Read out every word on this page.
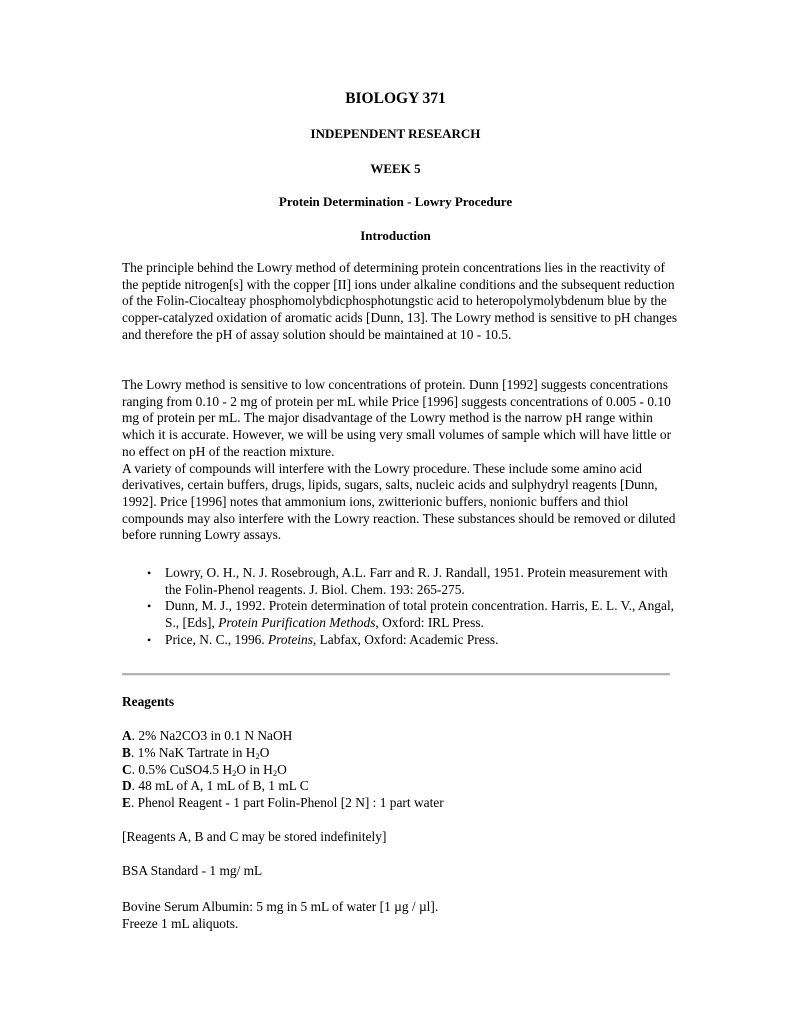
BIOLOGY 371
INDEPENDENT RESEARCH
WEEK 5
Protein Determination - Lowry Procedure
Introduction

The principle behind the Lowry method of determining protein concentrations lies in the reactivity of the peptide nitrogen[s] with the copper [II] ions under alkaline conditions and the subsequent reduction of the Folin-Ciocalteay phosphomolybdicphosphotungstic acid to heteropolymolybdenum blue by the copper-catalyzed oxidation of aromatic acids [Dunn, 13]. The Lowry method is sensitive to pH changes and therefore the pH of assay solution should be maintained at 10 - 10.5.

The Lowry method is sensitive to low concentrations of protein. Dunn [1992] suggests concentrations ranging from 0.10 - 2 mg of protein per mL while Price [1996] suggests concentrations of 0.005 - 0.10 mg of protein per mL. The major disadvantage of the Lowry method is the narrow pH range within which it is accurate. However, we will be using very small volumes of sample which will have little or no effect on pH of the reaction mixture.
A variety of compounds will interfere with the Lowry procedure. These include some amino acid derivatives, certain buffers, drugs, lipids, sugars, salts, nucleic acids and sulphydryl reagents [Dunn, 1992]. Price [1996] notes that ammonium ions, zwitterionic buffers, nonionic buffers and thiol compounds may also interfere with the Lowry reaction. These substances should be removed or diluted before running Lowry assays.
• Lowry, O. H., N. J. Rosebrough, A.L. Farr and R. J. Randall, 1951. Protein measurement with the Folin-Phenol reagents. J. Biol. Chem. 193: 265-275.
• Dunn, M. J., 1992. Protein determination of total protein concentration. Harris, E. L. V., Angal, S., [Eds], Protein Purification Methods, Oxford: IRL Press.
• Price, N. C., 1996. Proteins, Labfax, Oxford: Academic Press.
Reagents
A. 2% Na2CO3 in 0.1 N NaOH
B. 1% NaK Tartrate in $H_2O$
C. 0.5% CuSO4.5 $H_2O$ in $H_2O$
D. 48 mL of A, 1 mL of B, 1 mL C
E. Phenol Reagent - 1 part Folin-Phenol [2 N] : 1 part water
[Reagents A, B and C may be stored indefinitely]
BSA Standard - 1 mg/ mL
Bovine Serum Albumin: 5 mg in 5 mL of water [1 µg / µl].
Freeze 1 mL aliquots.
